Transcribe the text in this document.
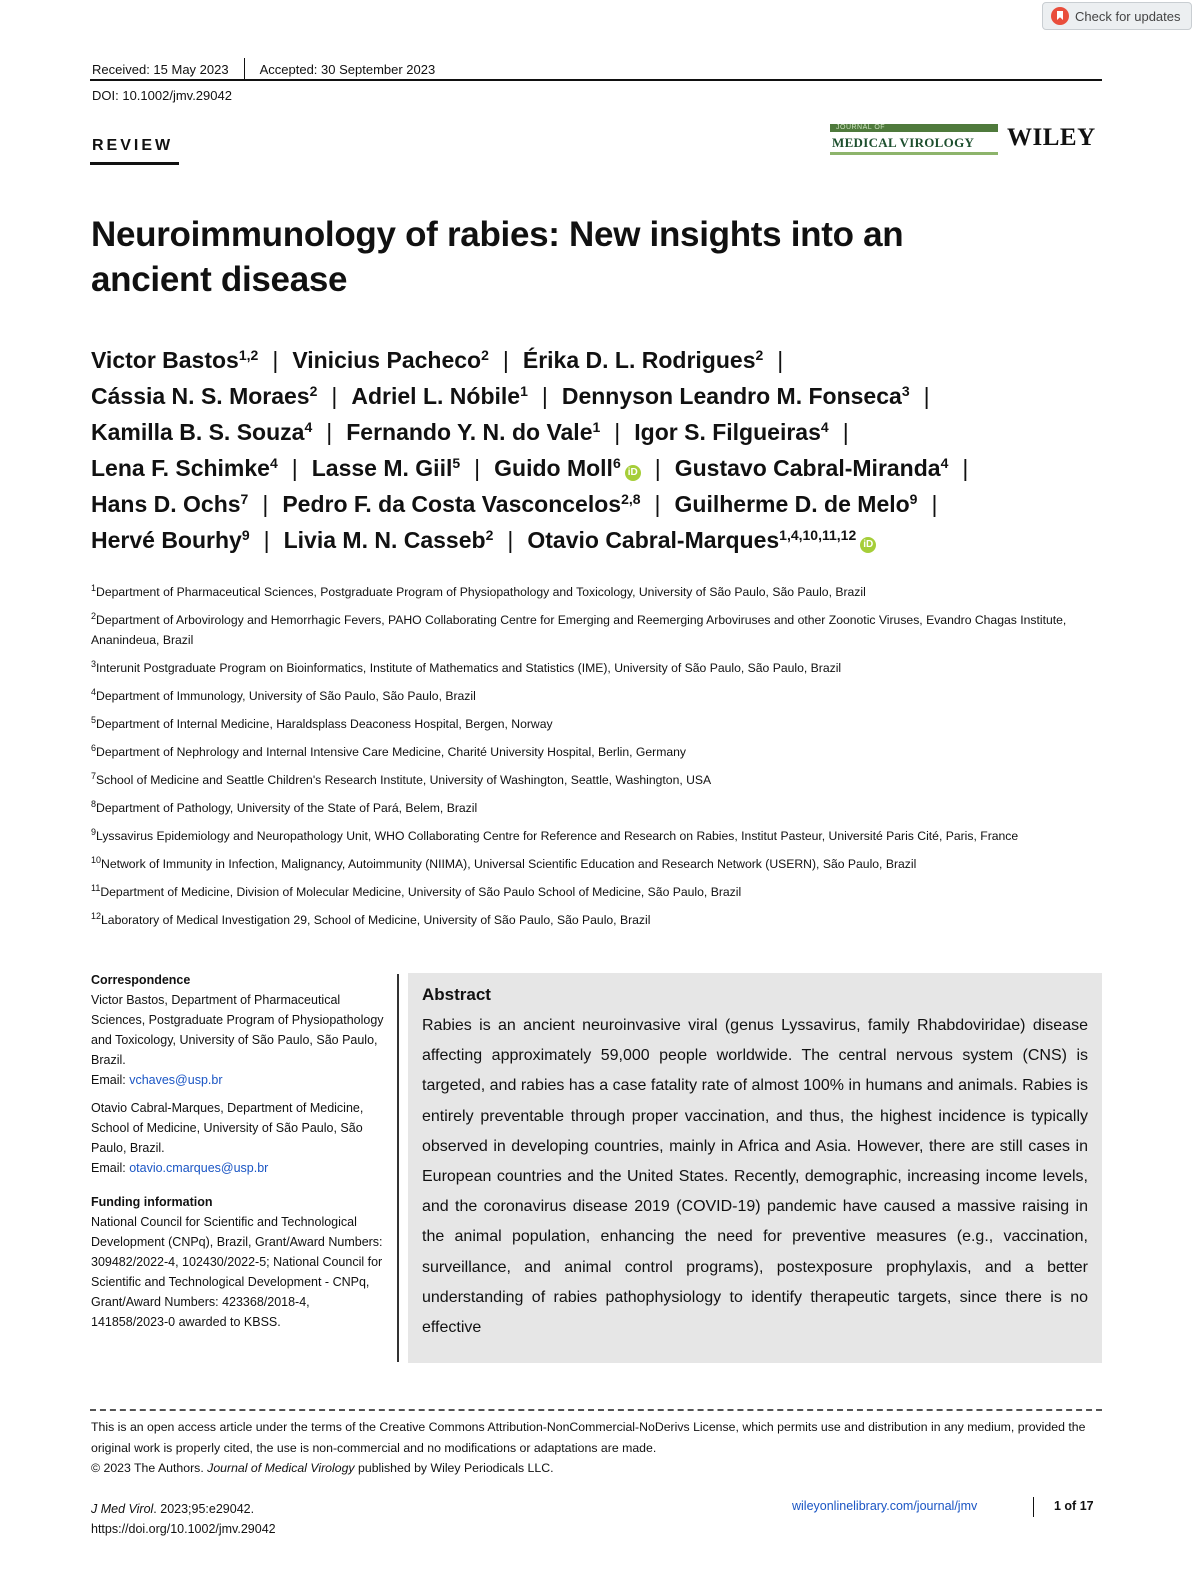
Check for updates
Received: 15 May 2023 Accepted: 30 September 2023
DOI: 10.1002/jmv.29042
REVIEW
JOURNAL OF
MEDICAL VIROLOGY	WILEY
Neuroimmunology of rabies: New insights into an ancient disease
Victor Bastos$^{1,2}$ | Vinicius Pacheco$^2$ | Érika D. L. Rodrigues$^2$ |
Cássia N. S. Moraes$^2$ | Adriel L. Nóbile$^1$ | Dennyson Leandro M. Fonseca$^3$ |
Kamilla B. S. Souza$^4$ | Fernando Y. N. do Vale$^1$ | Igor S. Filgueiras$^4$ |
Lena F. Schimke$^4$ | Lasse M. Giil$^5$ | Guido Moll$^6$iD | Gustavo Cabral-Miranda$^4$ |
Hans D. Ochs$^7$ | Pedro F. da Costa Vasconcelos$^{2,8}$ | Guilherme D. de Melo$^9$ |
Hervé Bourhy$^9$ | Livia M. N. Casseb$^2$ | Otavio Cabral-Marques$^{1,4,10,11,12}$iD
$^1$Department of Pharmaceutical Sciences, Postgraduate Program of Physiopathology and Toxicology, University of São Paulo, São Paulo, Brazil
$^2$Department of Arbovirology and Hemorrhagic Fevers, PAHO Collaborating Centre for Emerging and Reemerging Arboviruses and other Zoonotic Viruses, Evandro Chagas Institute, Ananindeua, Brazil
$^3$Interunit Postgraduate Program on Bioinformatics, Institute of Mathematics and Statistics (IME), University of São Paulo, São Paulo, Brazil
$^4$Department of Immunology, University of São Paulo, São Paulo, Brazil
$^5$Department of Internal Medicine, Haraldsplass Deaconess Hospital, Bergen, Norway
$^6$Department of Nephrology and Internal Intensive Care Medicine, Charité University Hospital, Berlin, Germany
$^7$School of Medicine and Seattle Children's Research Institute, University of Washington, Seattle, Washington, USA
$^8$Department of Pathology, University of the State of Pará, Belem, Brazil
$^9$Lyssavirus Epidemiology and Neuropathology Unit, WHO Collaborating Centre for Reference and Research on Rabies, Institut Pasteur, Université Paris Cité, Paris, France
$^{10}$Network of Immunity in Infection, Malignancy, Autoimmunity (NIIMA), Universal Scientific Education and Research Network (USERN), São Paulo, Brazil
$^{11}$Department of Medicine, Division of Molecular Medicine, University of São Paulo School of Medicine, São Paulo, Brazil
$^{12}$Laboratory of Medical Investigation 29, School of Medicine, University of São Paulo, São Paulo, Brazil
Correspondence
Victor Bastos, Department of Pharmaceutical Sciences, Postgraduate Program of Physiopathology and Toxicology, University of São Paulo, São Paulo, Brazil.
Email: vchaves@usp.br
Otavio Cabral-Marques, Department of Medicine, School of Medicine, University of São Paulo, São Paulo, Brazil.
Email: otavio.cmarques@usp.br
Funding information
National Council for Scientific and Technological Development (CNPq), Brazil, Grant/Award Numbers: 309482/2022-4, 102430/2022-5; National Council for Scientific and Technological Development - CNPq, Grant/Award Numbers: 423368/2018-4, 141858/2023-0 awarded to KBSS.
Abstract
Rabies is an ancient neuroinvasive viral (genus Lyssavirus, family Rhabdoviridae) disease affecting approximately 59,000 people worldwide. The central nervous system (CNS) is targeted, and rabies has a case fatality rate of almost 100% in humans and animals. Rabies is entirely preventable through proper vaccination, and thus, the highest incidence is typically observed in developing countries, mainly in Africa and Asia. However, there are still cases in European countries and the United States. Recently, demographic, increasing income levels, and the coronavirus disease 2019 (COVID-19) pandemic have caused a massive raising in the animal population, enhancing the need for preventive measures (e.g., vaccination, surveillance, and animal control programs), postexposure prophylaxis, and a better understanding of rabies pathophysiology to identify therapeutic targets, since there is no effective
This is an open access article under the terms of the Creative Commons Attribution-NonCommercial-NoDerivs License, which permits use and distribution in any medium, provided the original work is properly cited, the use is non-commercial and no modifications or adaptations are made.
© 2023 The Authors. Journal of Medical Virology published by Wiley Periodicals LLC.
J Med Virol. 2023;95:e29042.
https://doi.org/10.1002/jmv.29042
wileyonlinelibrary.com/journal/jmv	1 of 17
